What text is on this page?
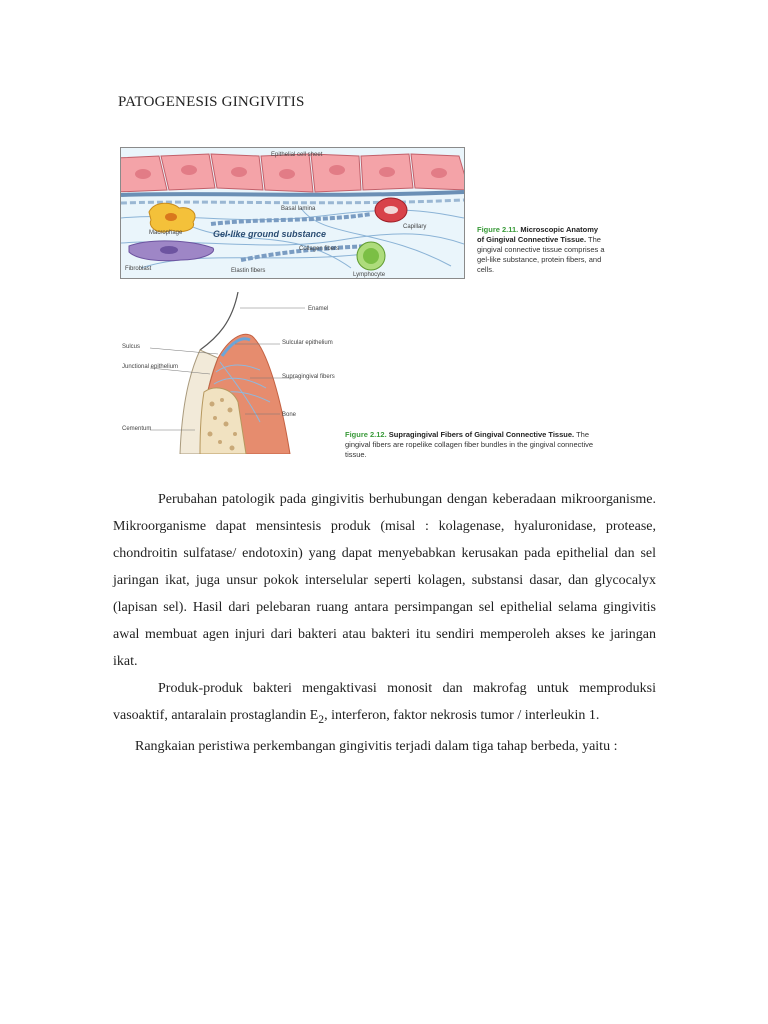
PATOGENESIS GINGIVITIS
Epithelial cell sheet
Macrophage
Basal lamina
Capillary
Gel-like ground substance
Collagen fibers
Fibroblast	Elastin fibers
Lymphocyte
Figure 2.11. Microscopic Anatomy of Gingival Connective Tissue. The gingival connective tissue comprises a gel-like substance, protein fibers, and cells.
Enamel
Sulcus
Sulcular epithelium
Junctional epithelium
Supragingival fibers
Bone
Cementum
Figure 2.12. Supragingival Fibers of Gingival Connective Tissue. The gingival fibers are ropelike collagen fiber bundles in the gingival connective tissue.

Perubahan patologik pada gingivitis berhubungan dengan keberadaan mikroorganisme. Mikroorganisme dapat mensintesis produk (misal : kolagenase, hyaluronidase, protease, chondroitin sulfatase/ endotoxin) yang dapat menyebabkan kerusakan pada epithelial dan sel jaringan ikat, juga unsur pokok interselular seperti kolagen, substansi dasar, dan glycocalyx (lapisan sel). Hasil dari pelebaran ruang antara persimpangan sel epithelial selama gingivitis awal membuat agen injuri dari bakteri atau bakteri itu sendiri memperoleh akses ke jaringan ikat.

Produk-produk bakteri mengaktivasi monosit dan makrofag untuk memproduksi vasoaktif, antaralain prostaglandin $E_2$, interferon, faktor nekrosis tumor / interleukin 1.

Rangkaian peristiwa perkembangan gingivitis terjadi dalam tiga tahap berbeda, yaitu :
